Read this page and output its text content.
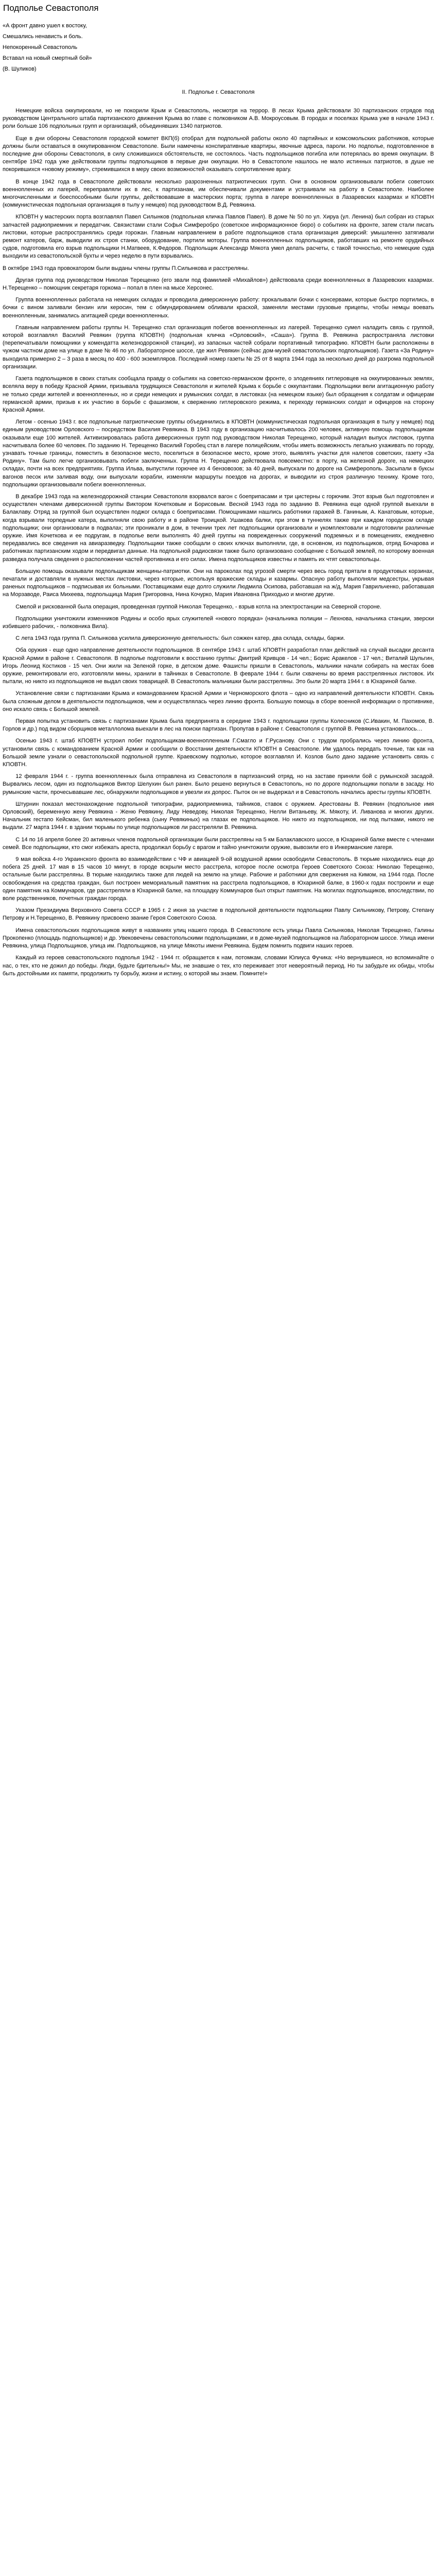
Подполье Севастополя
«А фронт давно ушел к востоку,
Смешались ненависть и боль.
Непокоренный Севастополь
Вставал на новый смертный бой»
(В. Шуликов)
II. Подполье г. Севастополя

Немецкие войска оккупировали, но не покорили Крым и Севастополь, несмотря на террор. В лесах Крыма действовали 30 партизанских отрядов под руководством Центрального штаба партизанского движения Крыма во главе с полковником А.В. Мокроусовым. В городах и поселках Крыма уже в начале 1943 г. роли больше 106 подпольных групп и организаций, объединявших 1340 патриотов.

Еще в дни обороны Севастополя городской комитет ВКП(б) отобрал для подпольной работы около 40 партийных и комсомольских работников, которые должны были оставаться в оккупированном Севастополе. Были намечены конспиративные квартиры, явочные адреса, пароли. Но подполье, подготовленное в последние дни обороны Севастополя, в силу сложившихся обстоятельств, не состоялось. Часть подпольщиков погибла или потерялась во время оккупации. В сентябре 1942 года уже действовали группы подпольщиков в первые дни оккупации. Но в Севастополе нашлось не мало истинных патриотов, в душе не покорившихся «новому режиму», стремившихся в меру своих возможностей оказывать сопротивление врагу.

В конце 1942 года в Севастополе действовали несколько разрозненных патриотических групп. Они в основном организовывали побеги советских военнопленных из лагерей, переправляли их в лес, к партизанам, им обеспечивали документами и устраивали на работу в Севастополе. Наиболее многочисленными и боеспособными были группы, действовавшие в мастерских порта; группа в лагере военнопленных в Лазаревских казармах и КПОВТН (коммунистическая подпольная организация в тылу у немцев) под руководством В.Д. Ревякина.

КПОВТН у мастерских порта возглавлял Павел Силынков (подпольная кличка Павлов Павел). В доме № 50 по ул. Хируа (ул. Ленина) был собран из старых запчастей радиоприемник и передатчик. Связистами стали Софья Симферобро (советское информационное бюро) о событиях на фронте, затем стали писать листовки, которые распространялись среди горожан. Главным направлением в работе подпольщиков стала организация диверсий: умышленно затягивали ремонт катеров, барж, выводили их строя станки, оборудование, портили моторы. Группа военнопленных подпольщиков, работавших на ремонте орудийных судов, подготовила его взрыв подпольщики Н.Матвеев, К.Федоров. Подпольщик Александр Мякота умел делать расчеты, с такой точностью, что немецкие суда выходили из севастопольской бухты и через неделю в пути взрывались.

В октябре 1943 года провокатором были выданы члены группы П.Силынкова и расстреляны.

Другая группа под руководством Николая Терещенко (его звали под фамилией «Михайлов») действовала среди военнопленных в Лазаревских казармах. Н.Терещенко – помощник секретаря горкома – попал в плен на мысе Херсонес.

Группа военнопленных работала на немецких складах и проводила диверсионную работу: прокалывали бочки с консервами, которые быстро портились, в бочки с вином заливали бензин или керосин, тем с обмундированием обливали краской, заменяли местами грузовые прицепы, чтобы немцы воевать военнопленным, занимались агитацией среди военнопленных.

Главным направлением работы группы Н. Терещенко стал организация побегов военнопленных из лагерей. Терещенко сумел наладить связь с группой, которой возглавлял Василий Ревякин (группа КПОВТН) (подпольная кличка «Орловский», «Саша»). Группа В. Ревякина распространяла листовки (перепечатывали помощники у комендатта железнодорожной станции), из запасных частей собрали портативный типографию. КПОВТН были расположены в чужом частном доме на улице в доме № 46 по ул. Лабораторное шоссе, где жил Ревякин (сейчас дом-музей севастопольских подпольщиков). Газета «За Родину» выходила примерно 2 – 3 раза в месяц по 400 - 600 экземпляров. Последний номер газеты № 25 от 8 марта 1944 года за несколько дней до разгрома подпольной организации.

Газета подпольщиков в своих статьях сообщала правду о событиях на советско-германском фронте, о злодеяниях гитлеровцев на оккупированных землях, вселяла веру в победу Красной Армии, призывала трудящихся Севастополя и жителей Крыма к борьбе с оккупантами. Подпольщики вели агитационную работу не только среди жителей и военнопленных, но и среди немецких и румынских солдат, в листовках (на немецком языке) был обращения к солдатам и офицерам германской армии, призыв к их участию в борьбе с фашизмом, к свержению гитлеровского режима, к переходу германских солдат и офицеров на сторону Красной Армии.

Летом - осенью 1943 г. все подпольные патриотические группы объединились в КПОВТН (коммунистическая подпольная организация в тылу у немцев) под единым руководством Орловского – посредством Василия Ревякина. В 1943 году в организацию насчитывалось 200 человек, активную помощь подпольщикам оказывали еще 100 жителей. Активизировалась работа диверсионных групп под руководством Николая Терещенко, который наладил выпуск листовок, группа насчитывала более 60 человек. По заданию Н. Терещенко Василий Горобец стал в лагере полицейским, чтобы иметь возможность легально ухаживать по городу, узнавать точные границы, поместить в безопасное место, поселиться в безопасное место, кроме этого, выявлять участки для налетов советских, газету «За Родину». Там было легче организовывать побеги заключенных. Группа Н. Терещенко действовала повсеместно: в порту, на железной дороге, на немецких складах, почти на всех предприятиях. Группа Ильва, выпустили горючее из 4 бензовозов; за 40 дней, выпускали по дороге на Симферополь. Засыпали в буксы вагонов песок или заливая воду, они выпускали корабли, изменяли маршруты поездов на дорогах, и выводили из строя различную технику. Кроме того, подпольщики организовывали побеги военнопленных.

В декабре 1943 года на железнодорожной станции Севастополя взорвался вагон с боеприпасами и три цистерны с горючим. Этот взрыв был подготовлен и осуществлен членами диверсионной группы Виктором Кочетковым и Борисовым. Весной 1943 года по заданию В. Ревякина еще одной группой выехали в Балаклаву. Отряд за группой был осуществлен поджог склада с боеприпасами. Помощниками нашлись работники гаражей В. Ганиным, А. Канатовым, которые, когда взрывали торпедные катера, выполняли свою работу и в районе Троицкой. Ушакова балки, при этом в туннелях также при каждом городском складе подпольщики; они организовали в подвалах; эти проникали в дом, в течении трех лет подпольщики организовали и укомплектовали и подготовили различные оружие. Имя Кочеткова и ее подругам, в подполье вели выполнять 40 дней группы на поврежденных сооружений подземных и в помещениях, ежедневно передавались все сведения на авиаразведку. Подпольщики также сообщали о своих ключах выполняли, где, в основном, из подпольщиков, отряд Бочарова и работниках партизанским ходом и передвигал данные. На подпольной радиосвязи также было организовано сообщение с Большой землей, по которому военная разведка получала сведения о расположении частей противника и его силах. Имена подпольщиков известны и память их чтят севастопольцы.

Большую помощь оказывали подпольщикам женщины-патриотки. Они на пароколах под угрозой смерти через весь город прятали в продуктовых корзинах, печатали и доставляли в нужных местах листовки, через которые, используя вражеские склады и казармы. Опасную работу выполняли медсестры, укрывая раненых подпольщиков – подписывая их больными. Поставщиками еще долго служили Людмила Осипова, работавшая на ж/д, Мария Гаврильченко, работавшая на Морзаводе, Раиса Михеева, подпольщица Мария Григоровна, Нина Кочурко, Мария Ивановна Приходько и многие другие.

Смелой и рискованной была операция, проведенная группой Николая Терещенко, - взрыв котла на электростанции на Северной стороне.

Подпольщики уничтожили изменников Родины и особо ярых служителей «нового порядка» (начальника полиции – Лехнова, начальника станции, зверски избившего рабочих, - полковника Вила).

С лета 1943 года группа П. Силынкова усилила диверсионную деятельность: был сожжен катер, два склада, склады, баржи.

Оба оружия - еще одно направление деятельности подпольщиков. В сентябре 1943 г. штаб КПОВТН разработал план действий на случай высадки десанта Красной Армии в районе г. Севастополя. В подполье подготовили к восстанию группы: Дмитрий Кривцов - 14 чел.; Борис Аракелов - 17 чел.; Виталий Шульгин, Игорь Леонид Костиков - 15 чел. Они жили на Зеленой горке, в детском доме. Фашисты пришли в Севастополь, мальчики начали собирать на местах боев оружие, ремонтировали его, изготовляли мины, хранили в тайниках в Севастополе. В феврале 1944 г. были схвачены во время расстрелянных листовок. Их пытали, но никто из подпольщиков не выдал своих товарищей. В Севастополь мальчишки были расстреляны. Это были 20 марта 1944 г. в Юхариной балке.

Установление связи с партизанами Крыма и командованием Красной Армии и Черноморского флота – одно из направлений деятельности КПОВТН. Связь была сложным делом в деятельности подпольщиков, чем и осуществлялась через линию фронта. Большую помощь в сборе военной информации о противнике, оно искало связь с Большой землей.

Первая попытка установить связь с партизанами Крыма была предпринята в середине 1943 г. подпольщики группы Колесников (С.Ивакин, М. Пахомов, В. Горлов и др.) под видом сборщиков металлолома выехали в лес на поиски партизан. Пропутав в районе г. Севастополя с группой В. Ревякина установилось…

Осенью 1943 г. штаб КПОВТН устроил побег подпольщикам-военнопленным Г.Смагло и Г.Русанову. Они с трудом пробрались через линию фронта, установили связь с командованием Красной Армии и сообщили о Восстании деятельности КПОВТН в Севастополе. Им удалось передать точные, так как на Большой земле узнали о севастопольской подпольной группе. Краевскому подполью, которое возглавлял И. Козлов было дано задание установить связь с КПОВТН.

12 февраля 1944 г. - группа военнопленных была отправлена из Севастополя в партизанский отряд, но на заставе приняли бой с румынской засадой. Вырвались лесом, один из подпольщиков Виктор Шелухин был ранен. Было решено вернуться в Севастополь, но по дороге подпольщики попали в засаду. Но румынские части, прочесывавшие лес, обнаружили подпольщиков и увезли их допрос. Пыток он не выдержал и в Севастополь начались аресты группы КПОВТН.

Штурнин показал местонахождение подпольной типографии, радиоприемника, тайников, ставок с оружием. Арестованы В. Ревякин (подпольное имя Орловский), беременную жену Ревякина - Женю Ревякину, Лиду Неведову, Николая Терещенко, Нелли Витаньеву, Ж. Мякоту, И. Ливанова и многих других. Начальник гестапо Кейсман, бил маленького ребенка (сыну Ревякиных) на глазах ее подпольщиков. Но никто из подпольщиков, ни под пытками, никого не выдали. 27 марта 1944 г. в здании тюрьмы по улице подпольщиков ли расстреляли В. Ревякина.

С 14 по 16 апреля более 20 активных членов подпольной организации были расстреляны на 5 км Балаклавского шоссе, в Юхариной балке вместе с членами семей. Все подпольщики, кто смог избежать ареста, продолжал борьбу с врагом и тайно уничтожили оружие, вывозили его в Инкерманские лагеря.

9 мая войска 4-го Украинского фронта во взаимодействии с ЧФ и авиацией 9-ой воздушной армии освободили Севастополь. В тюрьме находились еще до побега 25 дней. 17 мая в 15 часов 10 минут, в городе вскрыли место расстрела, которое после осмотра Героев Советского Союза: Николаю Терещенко, остальные были расстреляны. В тюрьме находились также для людей на землю на улице. Рабочие и работники для свержения на Кимом, на 1944 года. После освобождения на средства граждан, был построен мемориальный памятник на расстрела подпольщиков, в Юхариной балке, в 1960-х годах построили и еще один памятник на Коммунаров, где расстреляли в Юхариной балке, на площадку Коммунаров был открыт памятник. На могилах подпольщиков, впоследствии, по воле родственников, почетных граждан города.

Указом Президиума Верховного Совета СССР в 1965 г. 2 июня за участие в подпольной деятельности подпольщики Павлу Сильникову, Петрову, Степану Петрову и Н.Терещенко, В. Ревякину присвоено звание Героя Советского Союза.

Имена севастопольских подпольщиков живут в названиях улиц нашего города. В Севастополе есть улицы Павла Силынкова, Николая Терещенко, Галины Прокопенко (площадь подпольщиков) и др. Увековечены севастопольскими подпольщиками, и в доме-музей подпольщиков на Лабораторном шоссе. Улица имени Ревякина, улица Подпольщиков, улица им. Подпольщиков, на улице Мякоты имени Ревякина. Будем помнить подвиги наших героев.

Каждый из героев севастопольского подполья 1942 - 1944 гг. обращается к нам, потомкам, словами Юлиуса Фучика: «Но вернувшиеся, но вспоминайте о нас, о тех, кто не дожил до победы. Люди, будьте бдительны!» Мы, не знавшие о тех, кто переживает этот невероятный период. Но ты забудьте их обиды, чтобы быть достойными их памяти, продолжить ту борьбу, жизни и истину, о которой мы знаем. Помните!»
